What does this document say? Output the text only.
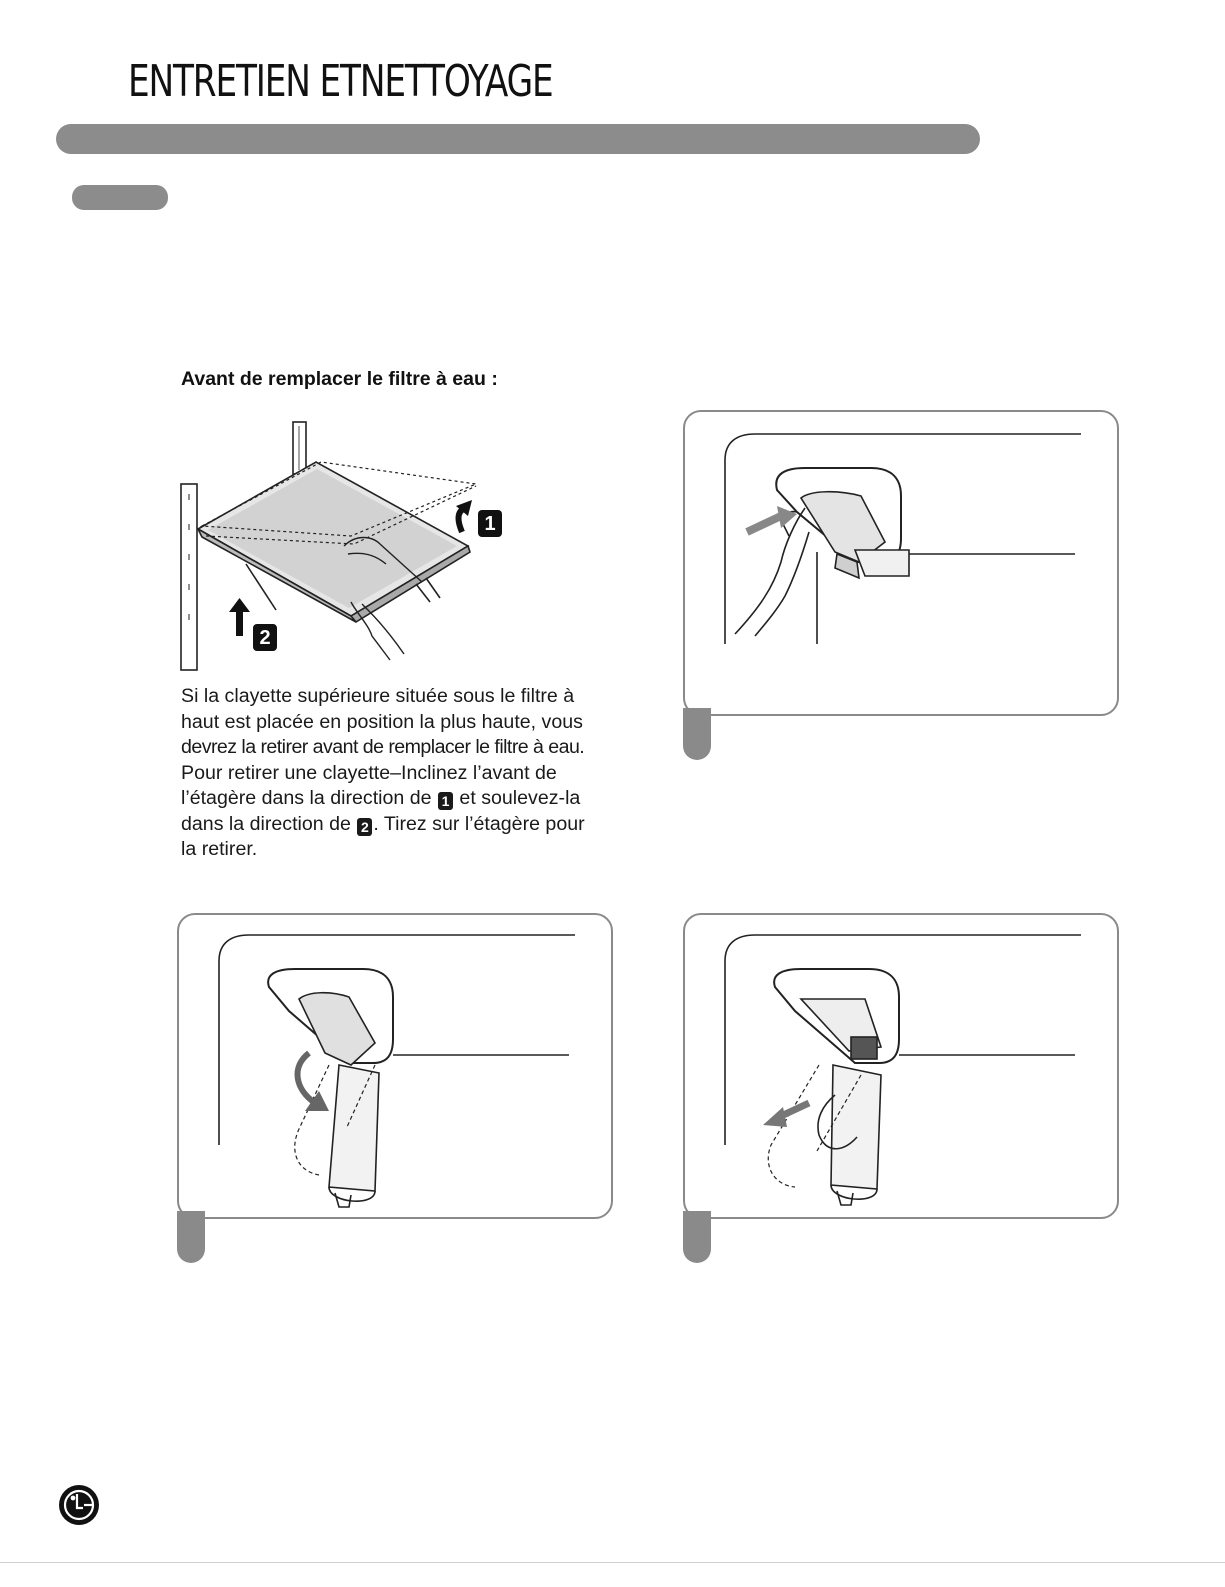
ENTRETIEN ETNETTOYAGE
Avant de remplacer le filtre à eau :
1
2

Si la clayette supérieure située sous le filtre à
haut est placée en position la plus haute, vous
devrez la retirer avant de remplacer le filtre à eau.
Pour retirer une clayette–Inclinez l’avant de
l’étagère dans la direction de 1 et soulevez-la
dans la direction de 2 . Tirez sur l’étagère pour
la retirer.
